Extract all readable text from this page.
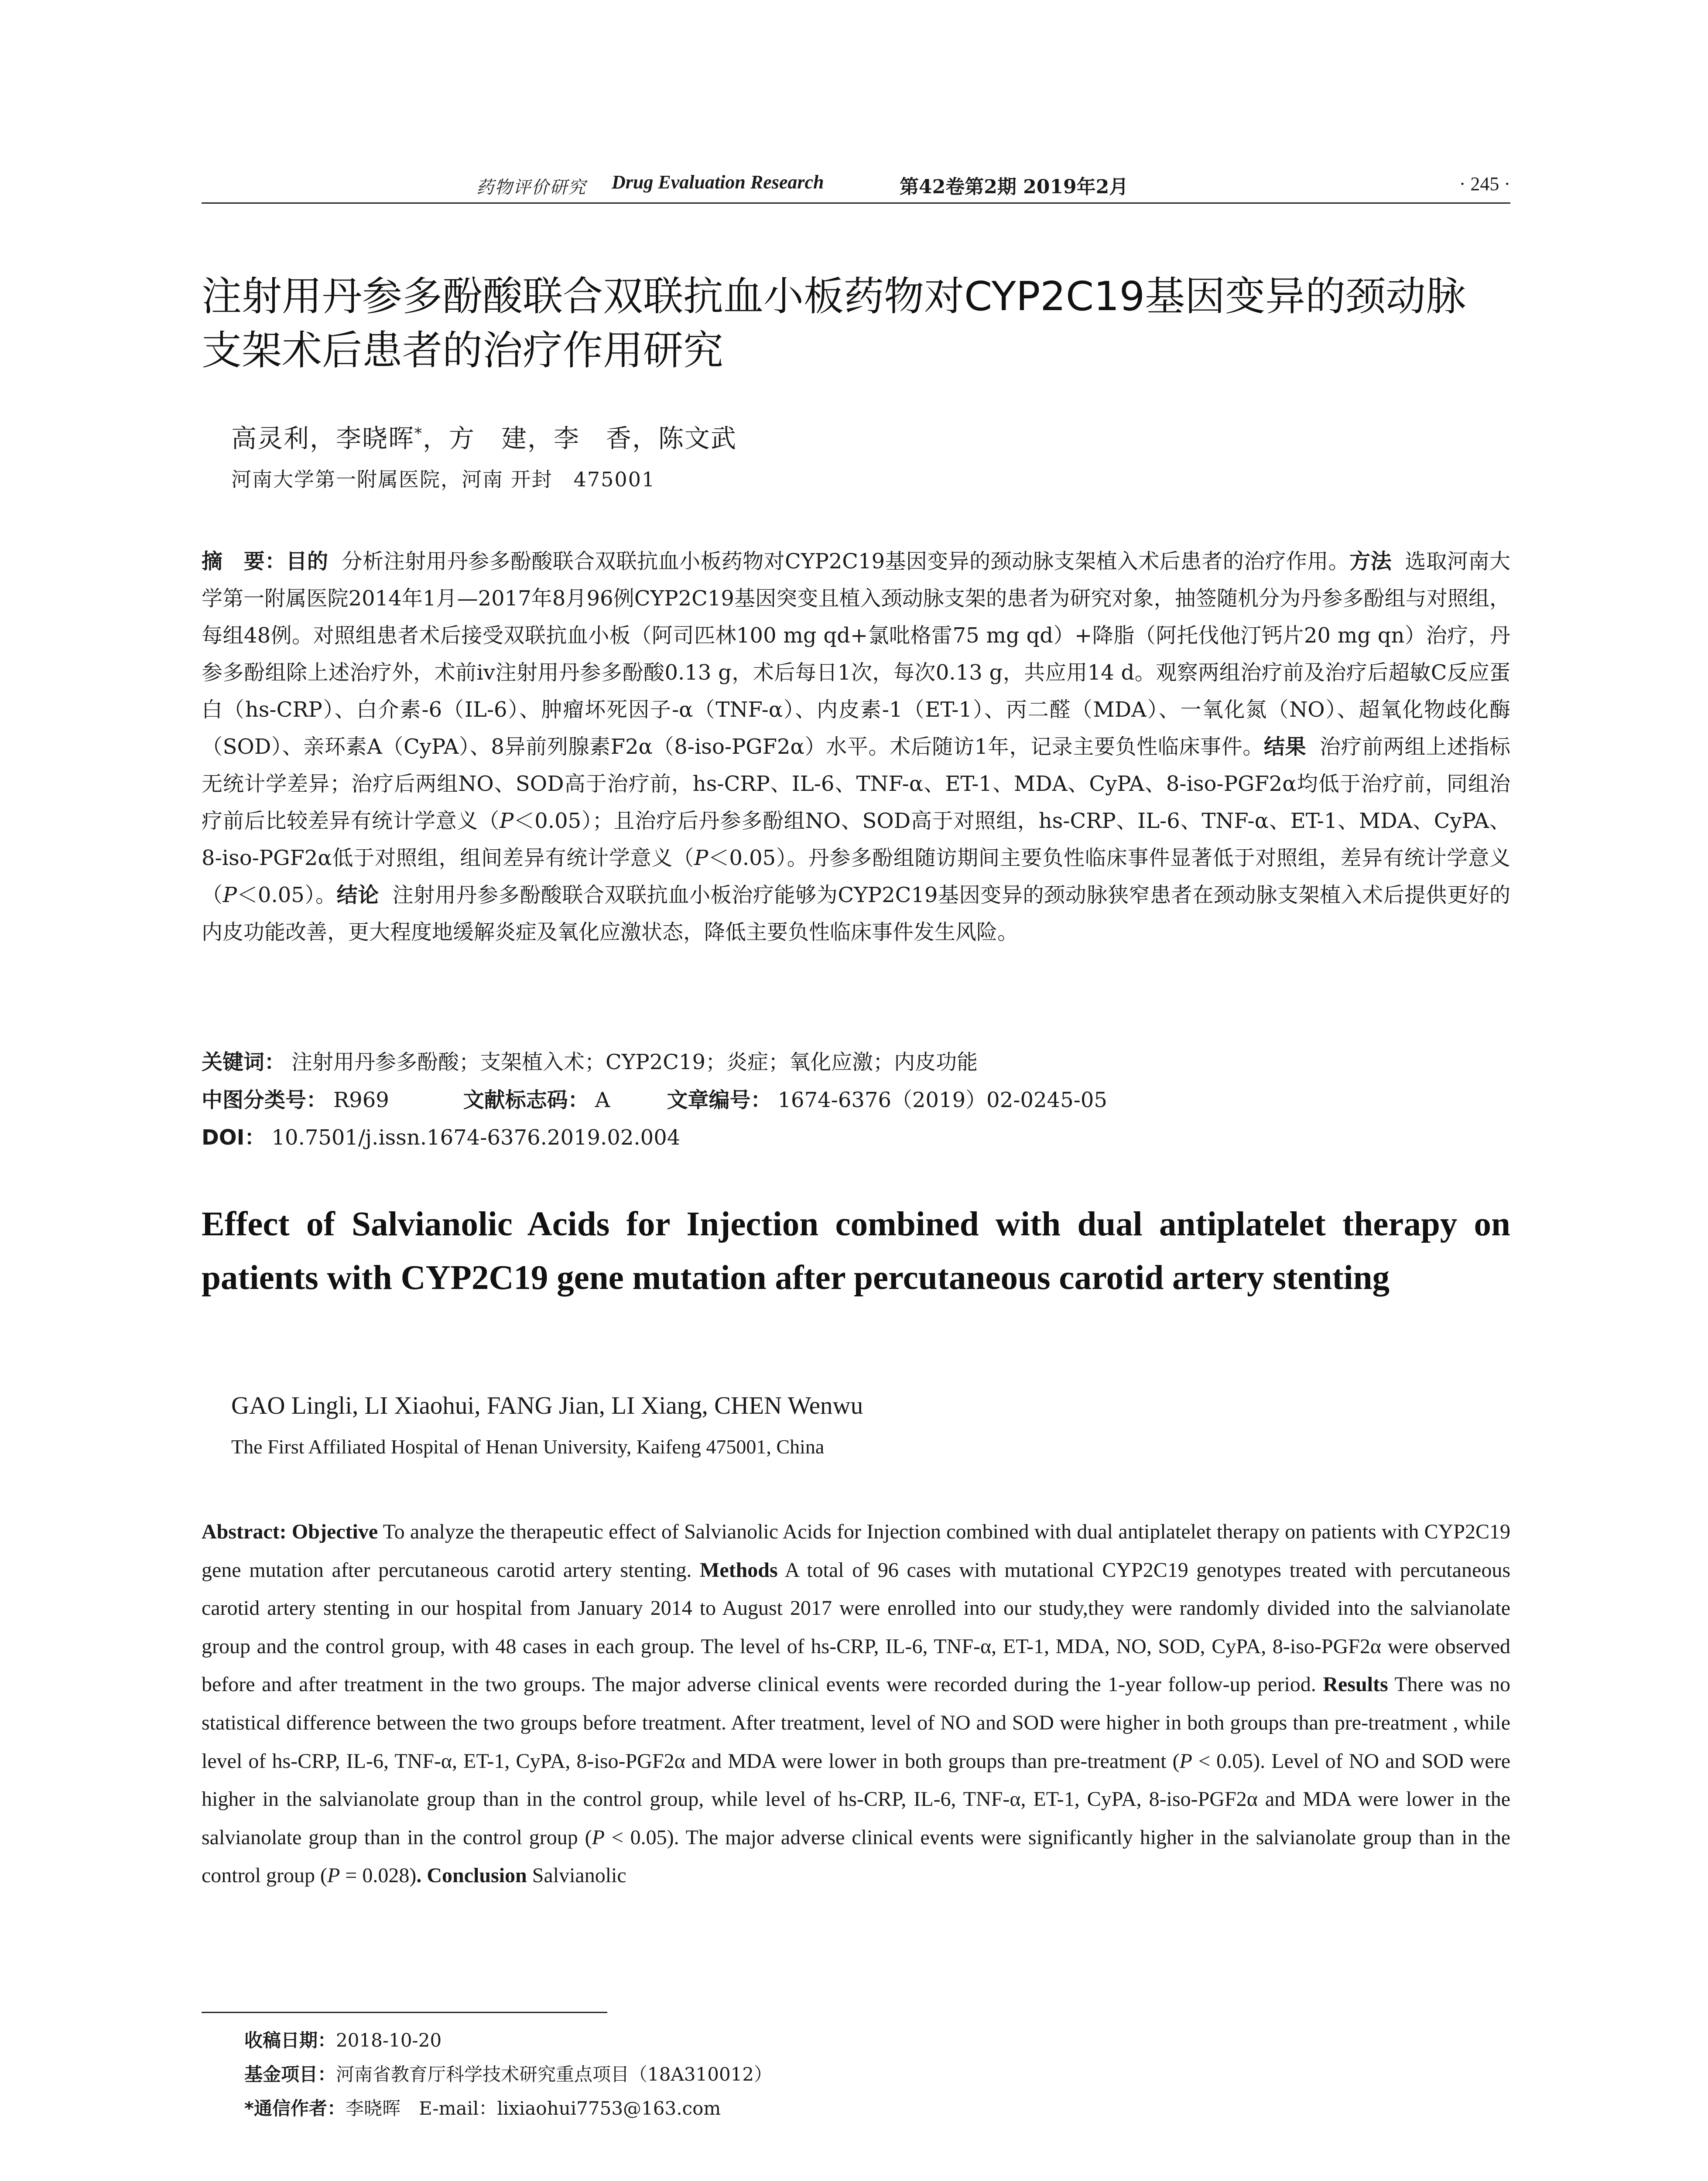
药物评价研究 Drug Evaluation Research	第42卷第2期 2019年2月	· 245 ·
注射用丹参多酚酸联合双联抗血小板药物对CYP2C19基因变异的颈动脉
支架术后患者的治疗作用研究
高灵利，李晓晖*，方　建，李　香，陈文武
河南大学第一附属医院，河南 开封　475001
摘　要：目的 分析注射用丹参多酚酸联合双联抗血小板药物对CYP2C19基因变异的颈动脉支架植入术后患者的治疗作用。方法 选取河南大学第一附属医院2014年1月—2017年8月96例CYP2C19基因突变且植入颈动脉支架的患者为研究对象，抽签随机分为丹参多酚组与对照组，每组48例。对照组患者术后接受双联抗血小板（阿司匹林100 mg qd+氯吡格雷75 mg qd）+降脂（阿托伐他汀钙片20 mg qn）治疗，丹参多酚组除上述治疗外，术前iv注射用丹参多酚酸0.13 g，术后每日1次，每次0.13 g，共应用14 d。观察两组治疗前及治疗后超敏C反应蛋白（hs-CRP）、白介素-6（IL-6）、肿瘤坏死因子-α（TNF-α）、内皮素-1（ET-1）、丙二醛（MDA）、一氧化氮（NO）、超氧化物歧化酶（SOD）、亲环素A（CyPA）、8异前列腺素F2α（8-iso-PGF2α）水平。术后随访1年，记录主要负性临床事件。结果 治疗前两组上述指标无统计学差异；治疗后两组NO、SOD高于治疗前，hs-CRP、IL-6、TNF-α、ET-1、MDA、CyPA、8-iso-PGF2α均低于治疗前，同组治疗前后比较差异有统计学意义（P＜0.05）；且治疗后丹参多酚组NO、SOD高于对照组，hs-CRP、IL-6、TNF-α、ET-1、MDA、CyPA、8-iso-PGF2α低于对照组，组间差异有统计学意义（P＜0.05）。丹参多酚组随访期间主要负性临床事件显著低于对照组，差异有统计学意义（P＜0.05）。结论 注射用丹参多酚酸联合双联抗血小板治疗能够为CYP2C19基因变异的颈动脉狭窄患者在颈动脉支架植入术后提供更好的内皮功能改善，更大程度地缓解炎症及氧化应激状态，降低主要负性临床事件发生风险。
关键词： 注射用丹参多酚酸；支架植入术；CYP2C19；炎症；氧化应激；内皮功能
中图分类号： R969	文献标志码： A	文章编号： 1674-6376（2019）02-0245-05
DOI： 10.7501/j.issn.1674-6376.2019.02.004
Effect of Salvianolic Acids for Injection combined with dual antiplatelet therapy on patients with CYP2C19 gene mutation after percutaneous carotid artery stenting
GAO Lingli, LI Xiaohui, FANG Jian, LI Xiang, CHEN Wenwu
The First Affiliated Hospital of Henan University, Kaifeng 475001, China
Abstract: Objective To analyze the therapeutic effect of Salvianolic Acids for Injection combined with dual antiplatelet therapy on patients with CYP2C19 gene mutation after percutaneous carotid artery stenting. Methods A total of 96 cases with mutational CYP2C19 genotypes treated with percutaneous carotid artery stenting in our hospital from January 2014 to August 2017 were enrolled into our study,they were randomly divided into the salvianolate group and the control group, with 48 cases in each group. The level of hs-CRP, IL-6, TNF-α, ET-1, MDA, NO, SOD, CyPA, 8-iso-PGF2α were observed before and after treatment in the two groups. The major adverse clinical events were recorded during the 1-year follow-up period. Results There was no statistical difference between the two groups before treatment. After treatment, level of NO and SOD were higher in both groups than pre-treatment , while level of hs-CRP, IL-6, TNF-α, ET-1, CyPA, 8-iso-PGF2α and MDA were lower in both groups than pre-treatment (P < 0.05). Level of NO and SOD were higher in the salvianolate group than in the control group, while level of hs-CRP, IL-6, TNF-α, ET-1, CyPA, 8-iso-PGF2α and MDA were lower in the salvianolate group than in the control group (P < 0.05). The major adverse clinical events were significantly higher in the salvianolate group than in the control group (P = 0.028). Conclusion Salvianolic
收稿日期：2018-10-20
基金项目：河南省教育厅科学技术研究重点项目（18A310012）
*通信作者：李晓晖　E-mail：lixiaohui7753@163.com
